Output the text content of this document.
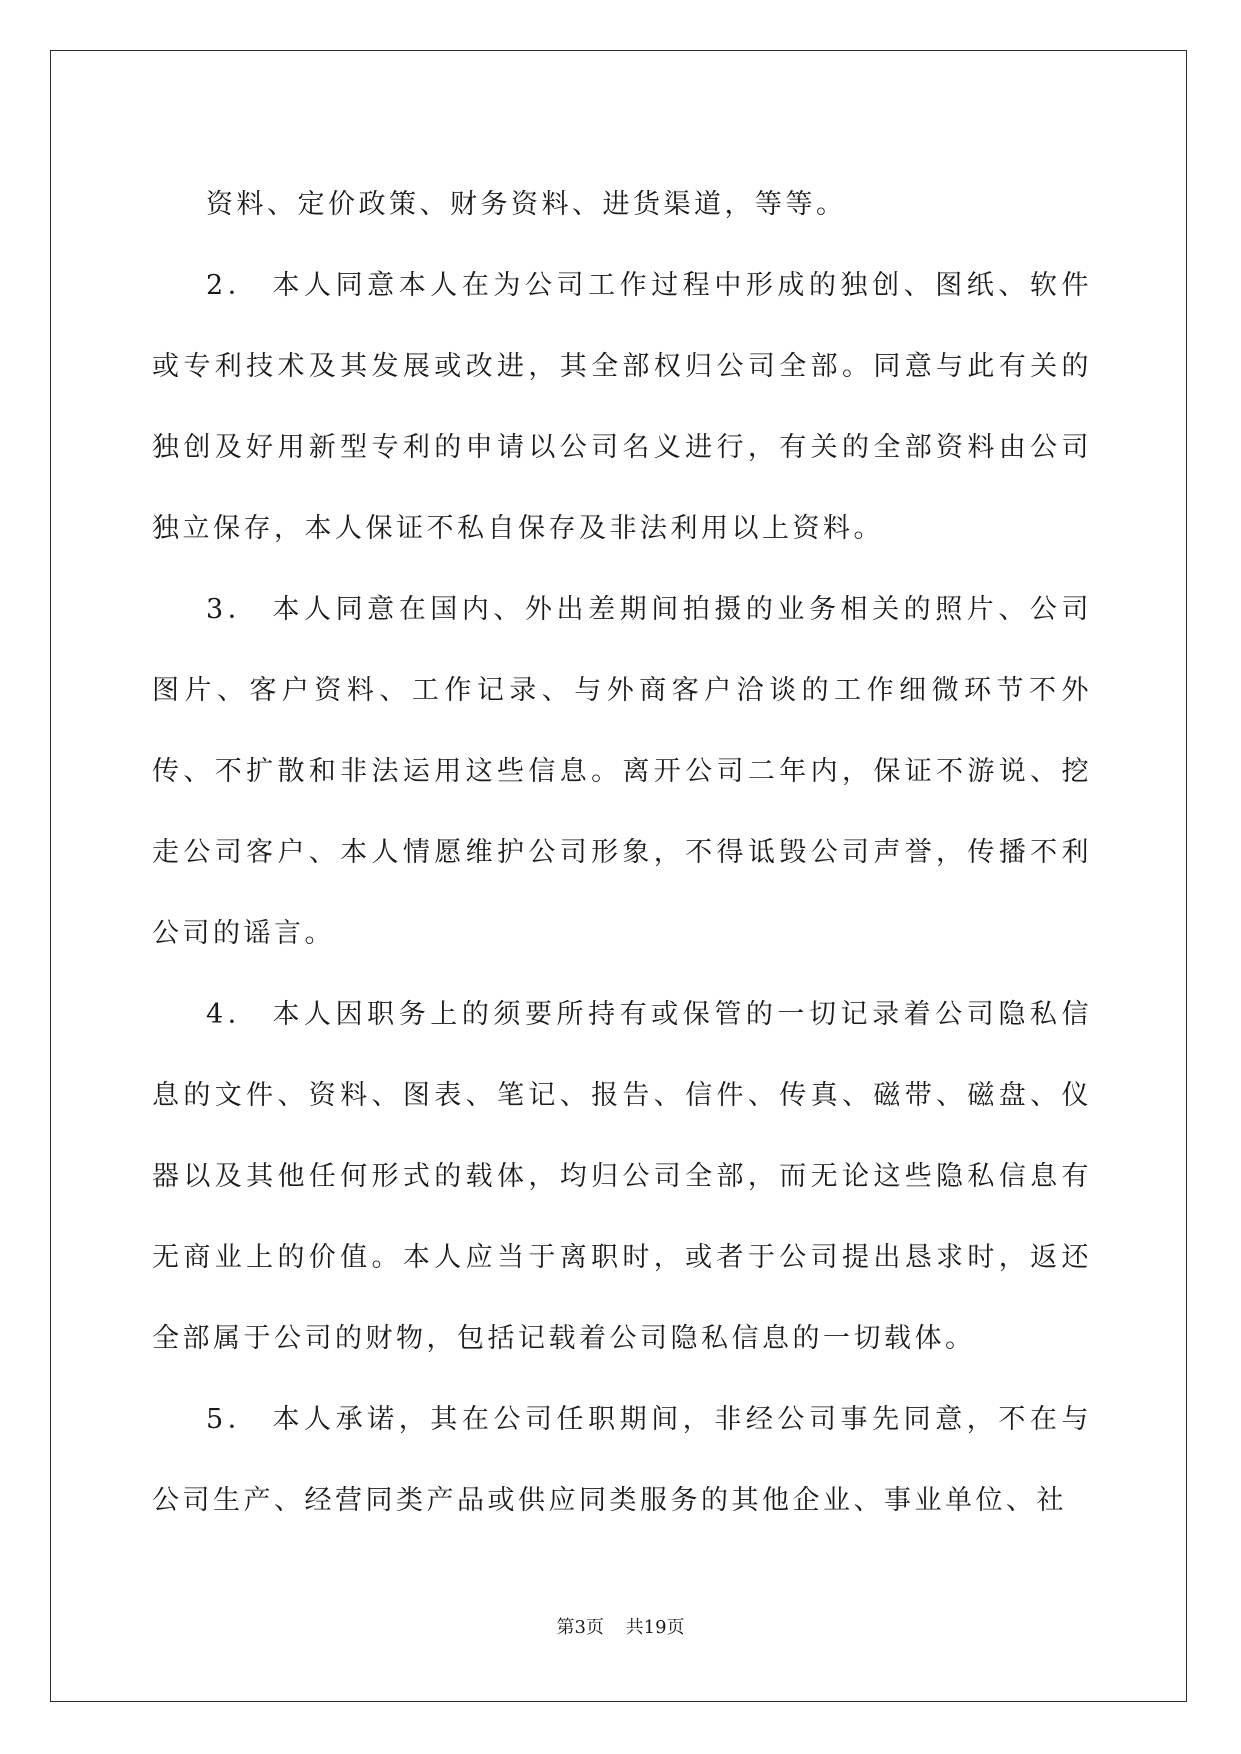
资料、定价政策、财务资料、进货渠道，等等。

2． 本人同意本人在为公司工作过程中形成的独创、图纸、软件或专利技术及其发展或改进，其全部权归公司全部。同意与此有关的独创及好用新型专利的申请以公司名义进行，有关的全部资料由公司独立保存，本人保证不私自保存及非法利用以上资料。

3． 本人同意在国内、外出差期间拍摄的业务相关的照片、公司图片、客户资料、工作记录、与外商客户洽谈的工作细微环节不外传、不扩散和非法运用这些信息。离开公司二年内，保证不游说、挖走公司客户、本人情愿维护公司形象，不得诋毁公司声誉，传播不利公司的谣言。

4． 本人因职务上的须要所持有或保管的一切记录着公司隐私信息的文件、资料、图表、笔记、报告、信件、传真、磁带、磁盘、仪器以及其他任何形式的载体，均归公司全部，而无论这些隐私信息有无商业上的价值。本人应当于离职时，或者于公司提出恳求时，返还全部属于公司的财物，包括记载着公司隐私信息的一切载体。

5． 本人承诺，其在公司任职期间，非经公司事先同意，不在与公司生产、经营同类产品或供应同类服务的其他企业、事业单位、社

第3页 共19页
